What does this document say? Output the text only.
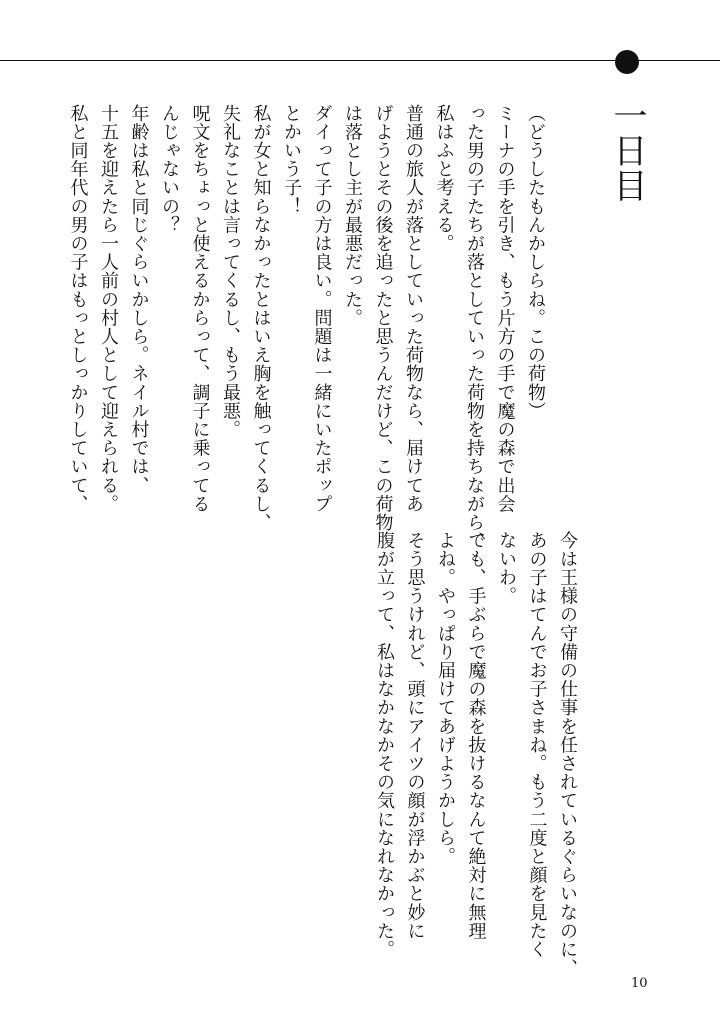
一日目

（どうしたもんかしらね。この荷物）

ミーナの手を引き、もう片方の手で魔の森で出会

った男の子たちが落としていった荷物を持ちながら、

私はふと考える。

普通の旅人が落としていった荷物なら、届けてあ

げようとその後を追ったと思うんだけど、この荷物

は落とし主が最悪だった。

ダイって子の方は良い。問題は一緒にいたポップ

とかいう子！

私が女と知らなかったとはいえ胸を触ってくるし、

失礼なことは言ってくるし、もう最悪。

呪文をちょっと使えるからって、調子に乗ってる

んじゃないの？

年齢は私と同じぐらいかしら。ネイル村では、

十五を迎えたら一人前の村人として迎えられる。

私と同年代の男の子はもっとしっかりしていて、

今は王様の守備の仕事を任されているぐらいなのに、

あの子はてんでお子さまね。もう二度と顔を見たく

ないわ。

でも、手ぶらで魔の森を抜けるなんて絶対に無理

よね。やっぱり届けてあげようかしら。

そう思うけれど、頭にアイツの顔が浮かぶと妙に

腹が立って、私はなかなかその気になれなかった。

10
